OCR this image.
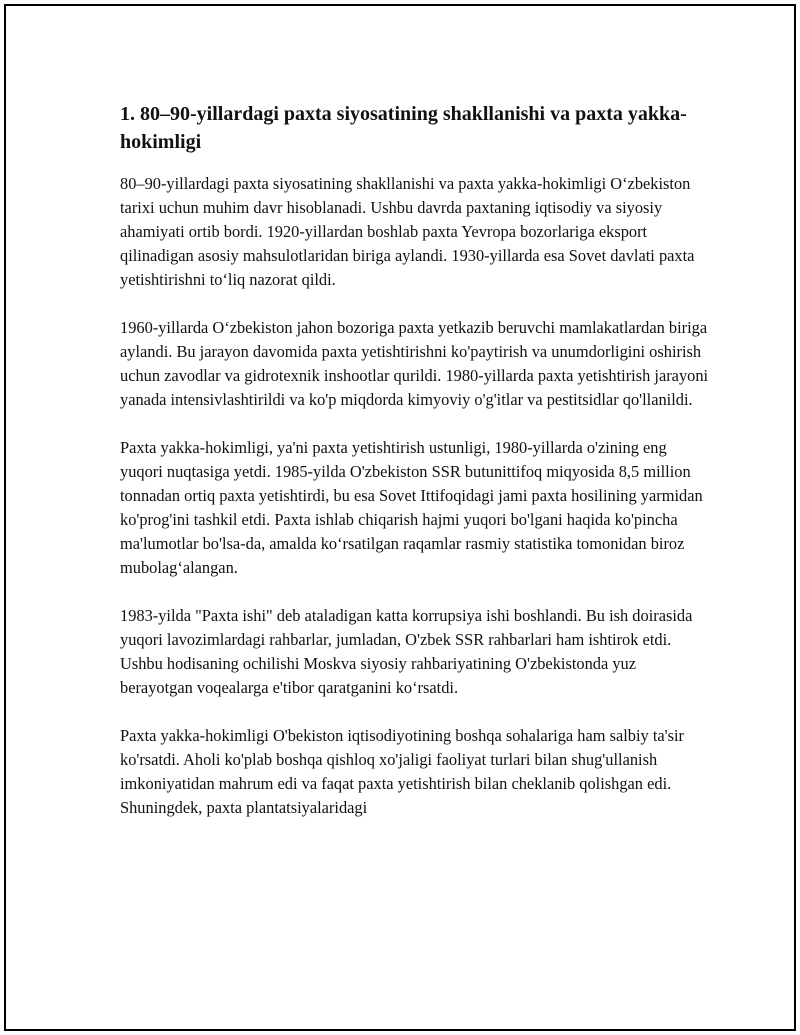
1. 80–90-yillardagi paxta siyosatining shakllanishi va paxta yakka-hokimligi

80–90-yillardagi paxta siyosatining shakllanishi va paxta yakka-hokimligi O‘zbekiston tarixi uchun muhim davr hisoblanadi. Ushbu davrda paxtaning iqtisodiy va siyosiy ahamiyati ortib bordi. 1920-yillardan boshlab paxta Yevropa bozorlariga eksport qilinadigan asosiy mahsulotlaridan biriga aylandi. 1930-yillarda esa Sovet davlati paxta yetishtirishni to‘liq nazorat qildi.

1960-yillarda O‘zbekiston jahon bozoriga paxta yetkazib beruvchi mamlakatlardan biriga aylandi. Bu jarayon davomida paxta yetishtirishni ko'paytirish va unumdorligini oshirish uchun zavodlar va gidrotexnik inshootlar qurildi. 1980-yillarda paxta yetishtirish jarayoni yanada intensivlashtirildi va ko'p miqdorda kimyoviy o'g'itlar va pestitsidlar qo'llanildi.

Paxta yakka-hokimligi, ya'ni paxta yetishtirish ustunligi, 1980-yillarda o'zining eng yuqori nuqtasiga yetdi. 1985-yilda O'zbekiston SSR butunittifoq miqyosida 8,5 million tonnadan ortiq paxta yetishtirdi, bu esa Sovet Ittifoqidagi jami paxta hosilining yarmidan ko'prog'ini tashkil etdi. Paxta ishlab chiqarish hajmi yuqori bo'lgani haqida ko'pincha ma'lumotlar bo'lsa-da, amalda ko‘rsatilgan raqamlar rasmiy statistika tomonidan biroz mubolag‘alangan.

1983-yilda "Paxta ishi" deb ataladigan katta korrupsiya ishi boshlandi. Bu ish doirasida yuqori lavozimlardagi rahbarlar, jumladan, O'zbek SSR rahbarlari ham ishtirok etdi. Ushbu hodisaning ochilishi Moskva siyosiy rahbariyatining O'zbekistonda yuz berayotgan voqealarga e'tibor qaratganini ko‘rsatdi.

Paxta yakka-hokimligi O'bekiston iqtisodiyotining boshqa sohalariga ham salbiy ta'sir ko'rsatdi. Aholi ko'plab boshqa qishloq xo'jaligi faoliyat turlari bilan shug'ullanish imkoniyatidan mahrum edi va faqat paxta yetishtirish bilan cheklanib qolishgan edi. Shuningdek, paxta plantatsiyalaridagi
